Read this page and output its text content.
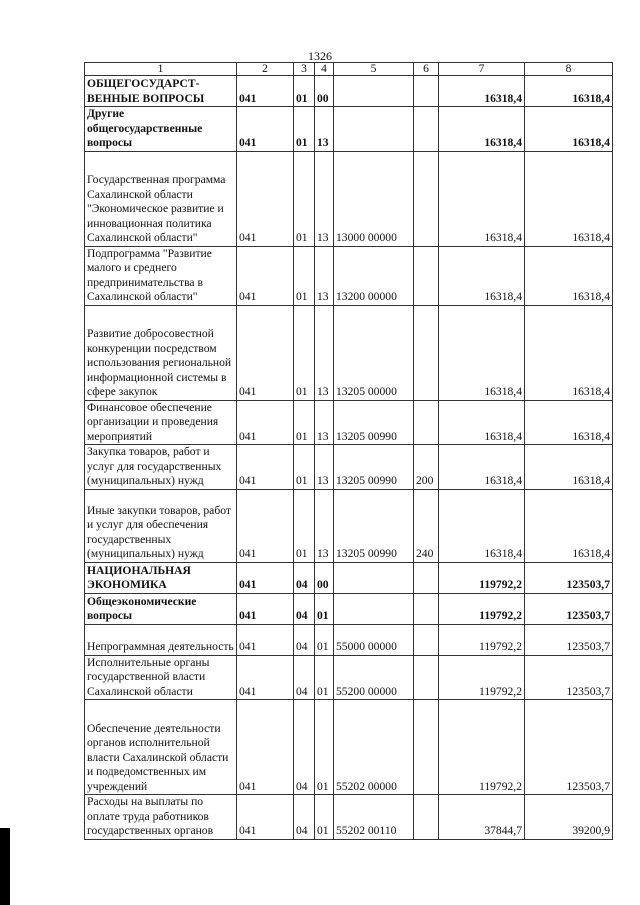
1326
1	2	3	4	5	6	7	8
ОБЩЕГОСУДАРСТ-ВЕННЫЕ ВОПРОСЫ	041	01	00			16318,4	16318,4
Другие общегосударственные вопросы	041	01	13			16318,4	16318,4
Государственная программа Сахалинской области "Экономическое развитие и инновационная политика Сахалинской области"	041	01	13	13000 00000		16318,4	16318,4
Подпрограмма "Развитие малого и среднего предпринимательства в Сахалинской области"	041	01	13	13200 00000		16318,4	16318,4
Развитие добросовестной конкуренции посредством использования региональной информационной системы в сфере закупок	041	01	13	13205 00000		16318,4	16318,4
Финансовое обеспечение организации и проведения мероприятий	041	01	13	13205 00990		16318,4	16318,4
Закупка товаров, работ и услуг для государственных (муниципальных) нужд	041	01	13	13205 00990	200	16318,4	16318,4
Иные закупки товаров, работ и услуг для обеспечения государственных (муниципальных) нужд	041	01	13	13205 00990	240	16318,4	16318,4
НАЦИОНАЛЬНАЯ ЭКОНОМИКА	041	04	00			119792,2	123503,7
Общеэкономические вопросы	041	04	01			119792,2	123503,7
Непрограммная деятельность	041	04	01	55000 00000		119792,2	123503,7
Исполнительные органы государственной власти Сахалинской области	041	04	01	55200 00000		119792,2	123503,7
Обеспечение деятельности органов исполнительной власти Сахалинской области и подведомственных им учреждений	041	04	01	55202 00000		119792,2	123503,7
Расходы на выплаты по оплате труда работников государственных органов	041	04	01	55202 00110		37844,7	39200,9
